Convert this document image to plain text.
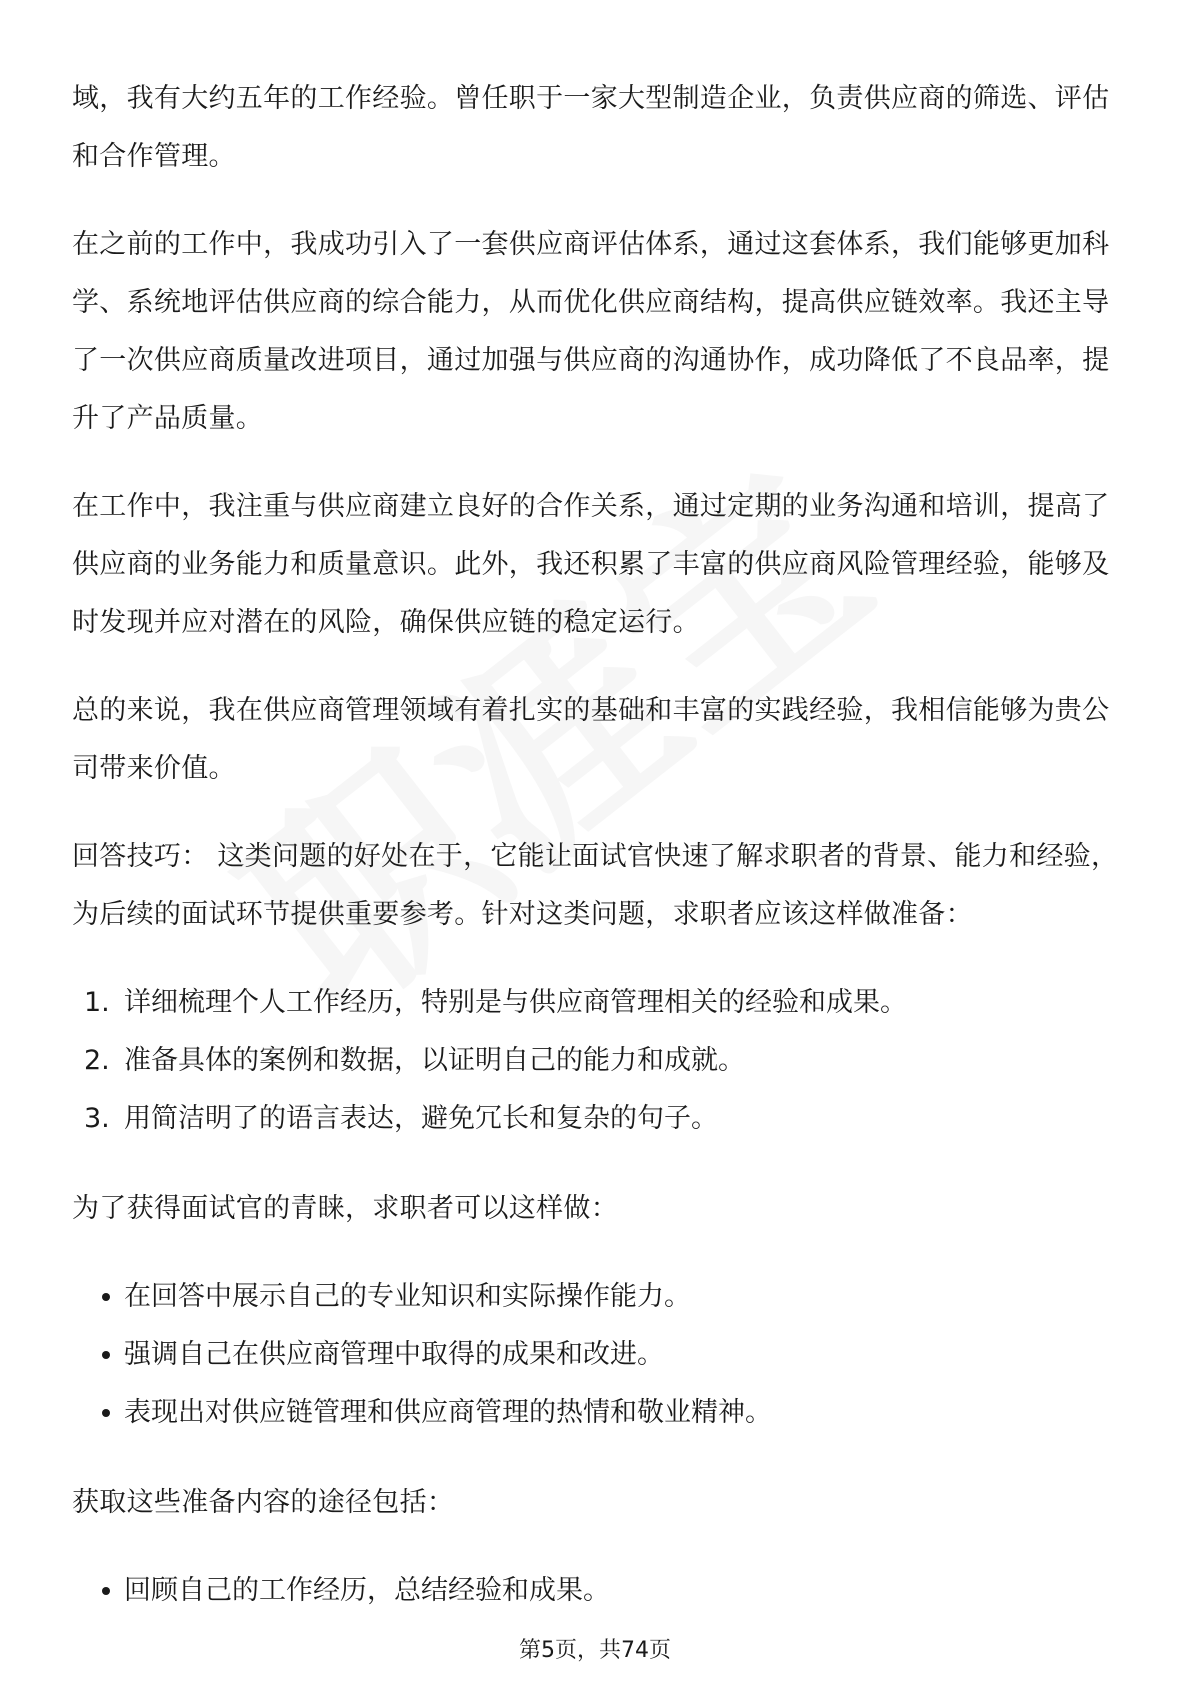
域，我有大约五年的工作经验。曾任职于一家大型制造企业，负责供应商的筛选、评估和合作管理。

在之前的工作中，我成功引入了一套供应商评估体系，通过这套体系，我们能够更加科学、系统地评估供应商的综合能力，从而优化供应商结构，提高供应链效率。我还主导了一次供应商质量改进项目，通过加强与供应商的沟通协作，成功降低了不良品率，提升了产品质量。

在工作中，我注重与供应商建立良好的合作关系，通过定期的业务沟通和培训，提高了供应商的业务能力和质量意识。此外，我还积累了丰富的供应商风险管理经验，能够及时发现并应对潜在的风险，确保供应链的稳定运行。

总的来说，我在供应商管理领域有着扎实的基础和丰富的实践经验，我相信能够为贵公司带来价值。

回答技巧： 这类问题的好处在于，它能让面试官快速了解求职者的背景、能力和经验，为后续的面试环节提供重要参考。针对这类问题，求职者应该这样做准备：

1. 详细梳理个人工作经历，特别是与供应商管理相关的经验和成果。
2. 准备具体的案例和数据，以证明自己的能力和成就。
3. 用简洁明了的语言表达，避免冗长和复杂的句子。

为了获得面试官的青睐，求职者可以这样做：

在回答中展示自己的专业知识和实际操作能力。
强调自己在供应商管理中取得的成果和改进。
表现出对供应链管理和供应商管理的热情和敬业精神。

获取这些准备内容的途径包括：

回顾自己的工作经历，总结经验和成果。
第5页，共74页
